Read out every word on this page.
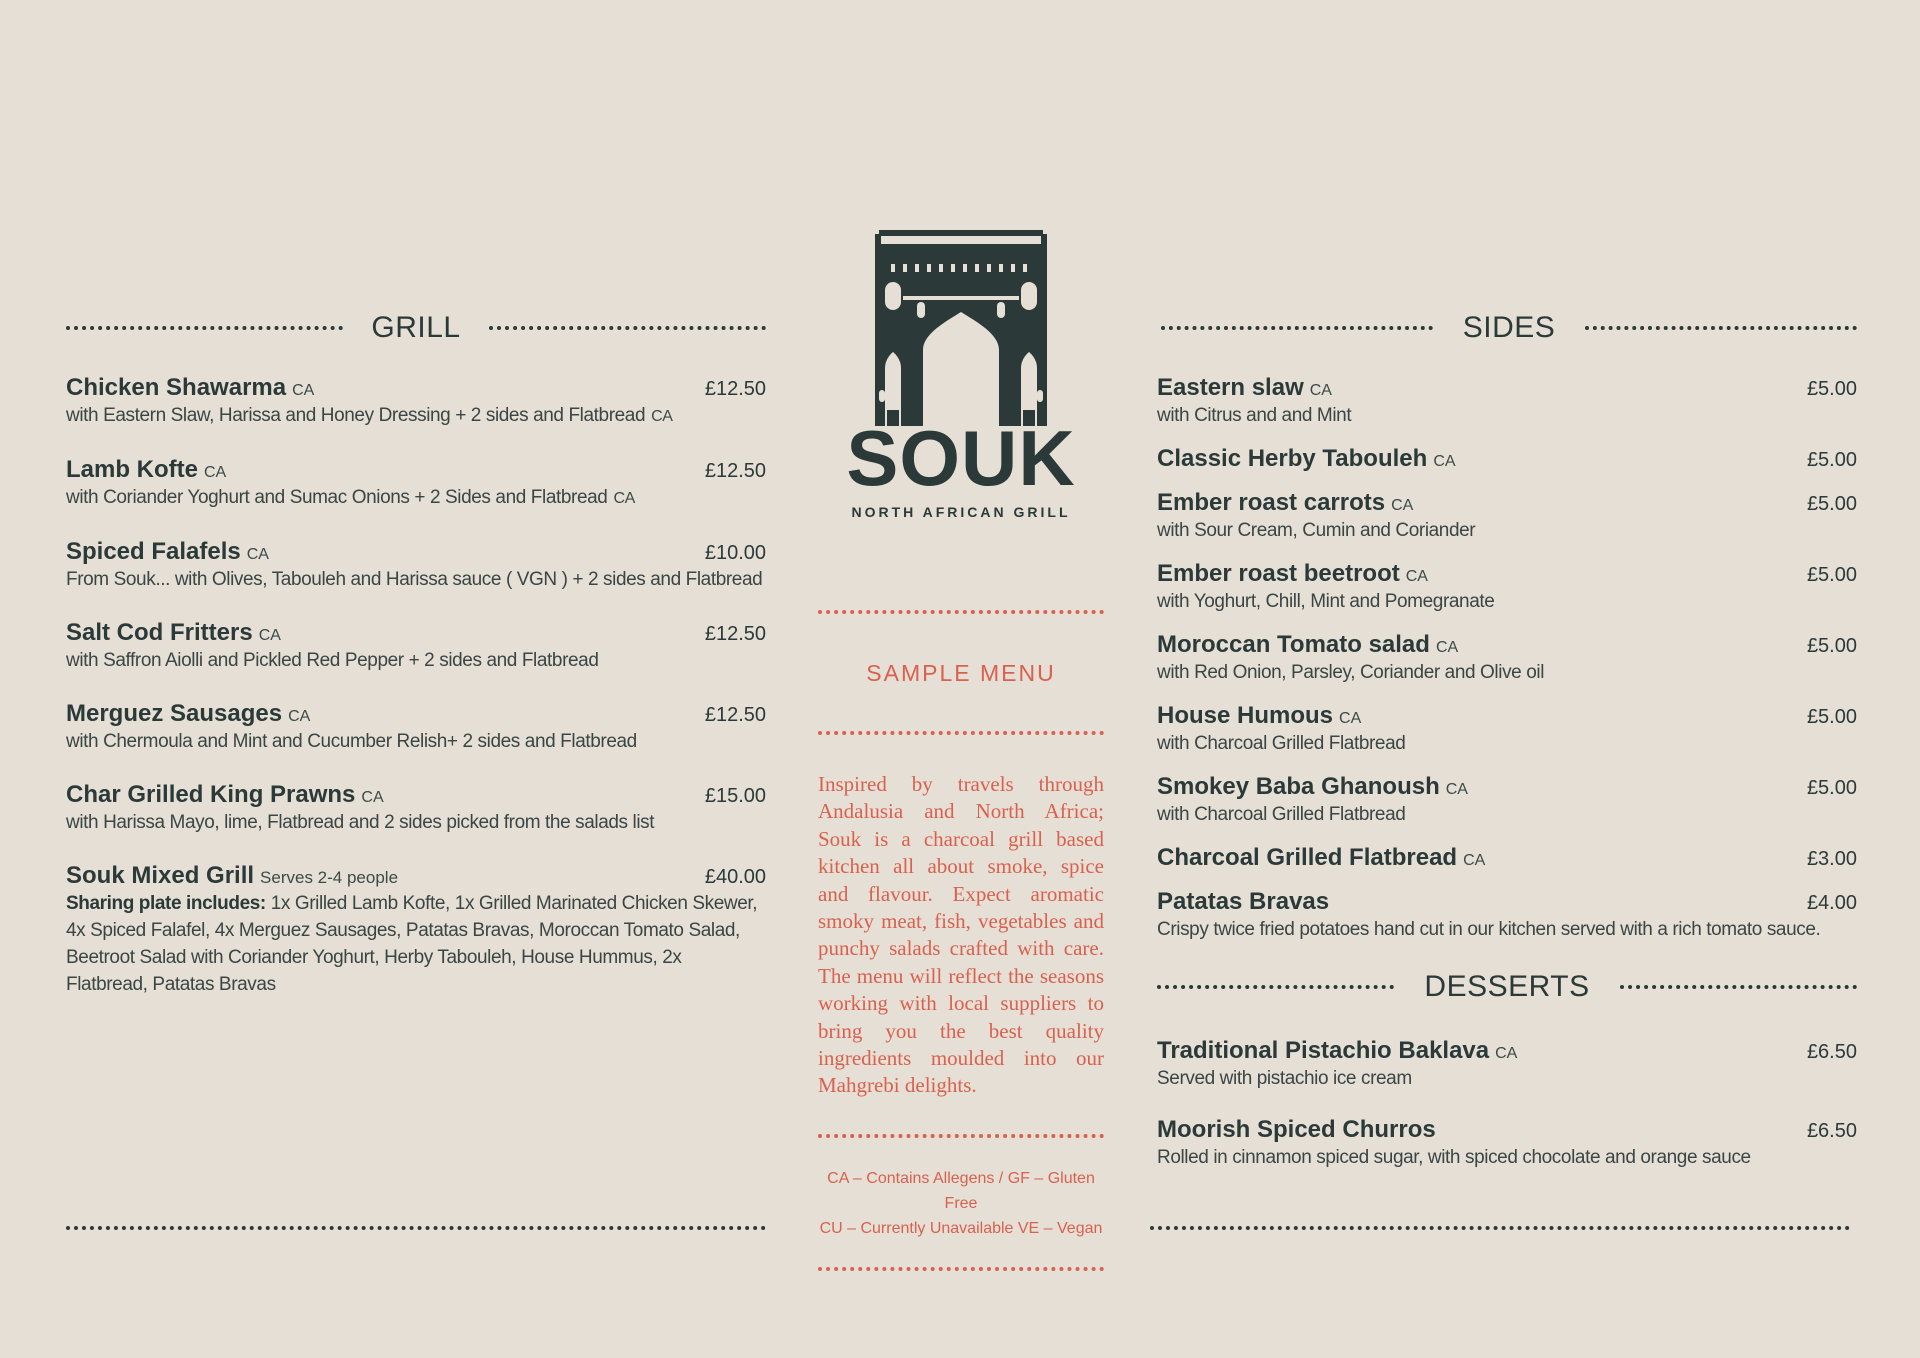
GRILL
Chicken Shawarma CA	£12.50
with Eastern Slaw, Harissa and Honey Dressing + 2 sides and Flatbread CA
Lamb Kofte CA	£12.50
with Coriander Yoghurt and Sumac Onions + 2 Sides and Flatbread CA
Spiced Falafels CA	£10.00
From Souk... with Olives, Tabouleh and Harissa sauce ( VGN ) + 2 sides and Flatbread
Salt Cod Fritters CA	£12.50
with Saffron Aiolli and Pickled Red Pepper + 2 sides and Flatbread
Merguez Sausages CA	£12.50
with Chermoula and Mint and Cucumber Relish+ 2 sides and Flatbread
Char Grilled King Prawns CA	£15.00
with Harissa Mayo, lime, Flatbread and 2 sides picked from the salads list
Souk Mixed Grill Serves 2-4 people	£40.00
Sharing plate includes: 1x Grilled Lamb Kofte, 1x Grilled Marinated Chicken Skewer, 4x Spiced Falafel, 4x Merguez Sausages, Patatas Bravas, Moroccan Tomato Salad, Beetroot Salad with Coriander Yoghurt, Herby Tabouleh, House Hummus, 2x Flatbread, Patatas Bravas
SOUK
NORTH AFRICAN GRILL
SAMPLE MENU
Inspired by travels through Andalusia and North Africa; Souk is a charcoal grill based kitchen all about smoke, spice and flavour. Expect aromatic smoky meat, fish, vegetables and punchy salads crafted with care. The menu will reflect the seasons working with local suppliers to bring you the best quality ingredients moulded into our Mahgrebi delights.
CA – Contains Allegens / GF – Gluten Free
CU – Currently Unavailable VE – Vegan
SIDES
Eastern slaw CA	£5.00
with Citrus and and Mint
Classic Herby Tabouleh CA	£5.00
Ember roast carrots CA	£5.00
with Sour Cream, Cumin and Coriander
Ember roast beetroot CA	£5.00
with Yoghurt, Chill, Mint and Pomegranate
Moroccan Tomato salad CA	£5.00
with Red Onion, Parsley, Coriander and Olive oil
House Humous CA	£5.00
with Charcoal Grilled Flatbread
Smokey Baba Ghanoush CA	£5.00
with Charcoal Grilled Flatbread
Charcoal Grilled Flatbread CA	£3.00
Patatas Bravas	£4.00
Crispy twice fried potatoes hand cut in our kitchen served with a rich tomato sauce.
DESSERTS
Traditional Pistachio Baklava CA	£6.50
Served with pistachio ice cream
Moorish Spiced Churros	£6.50
Rolled in cinnamon spiced sugar, with spiced chocolate and orange sauce
